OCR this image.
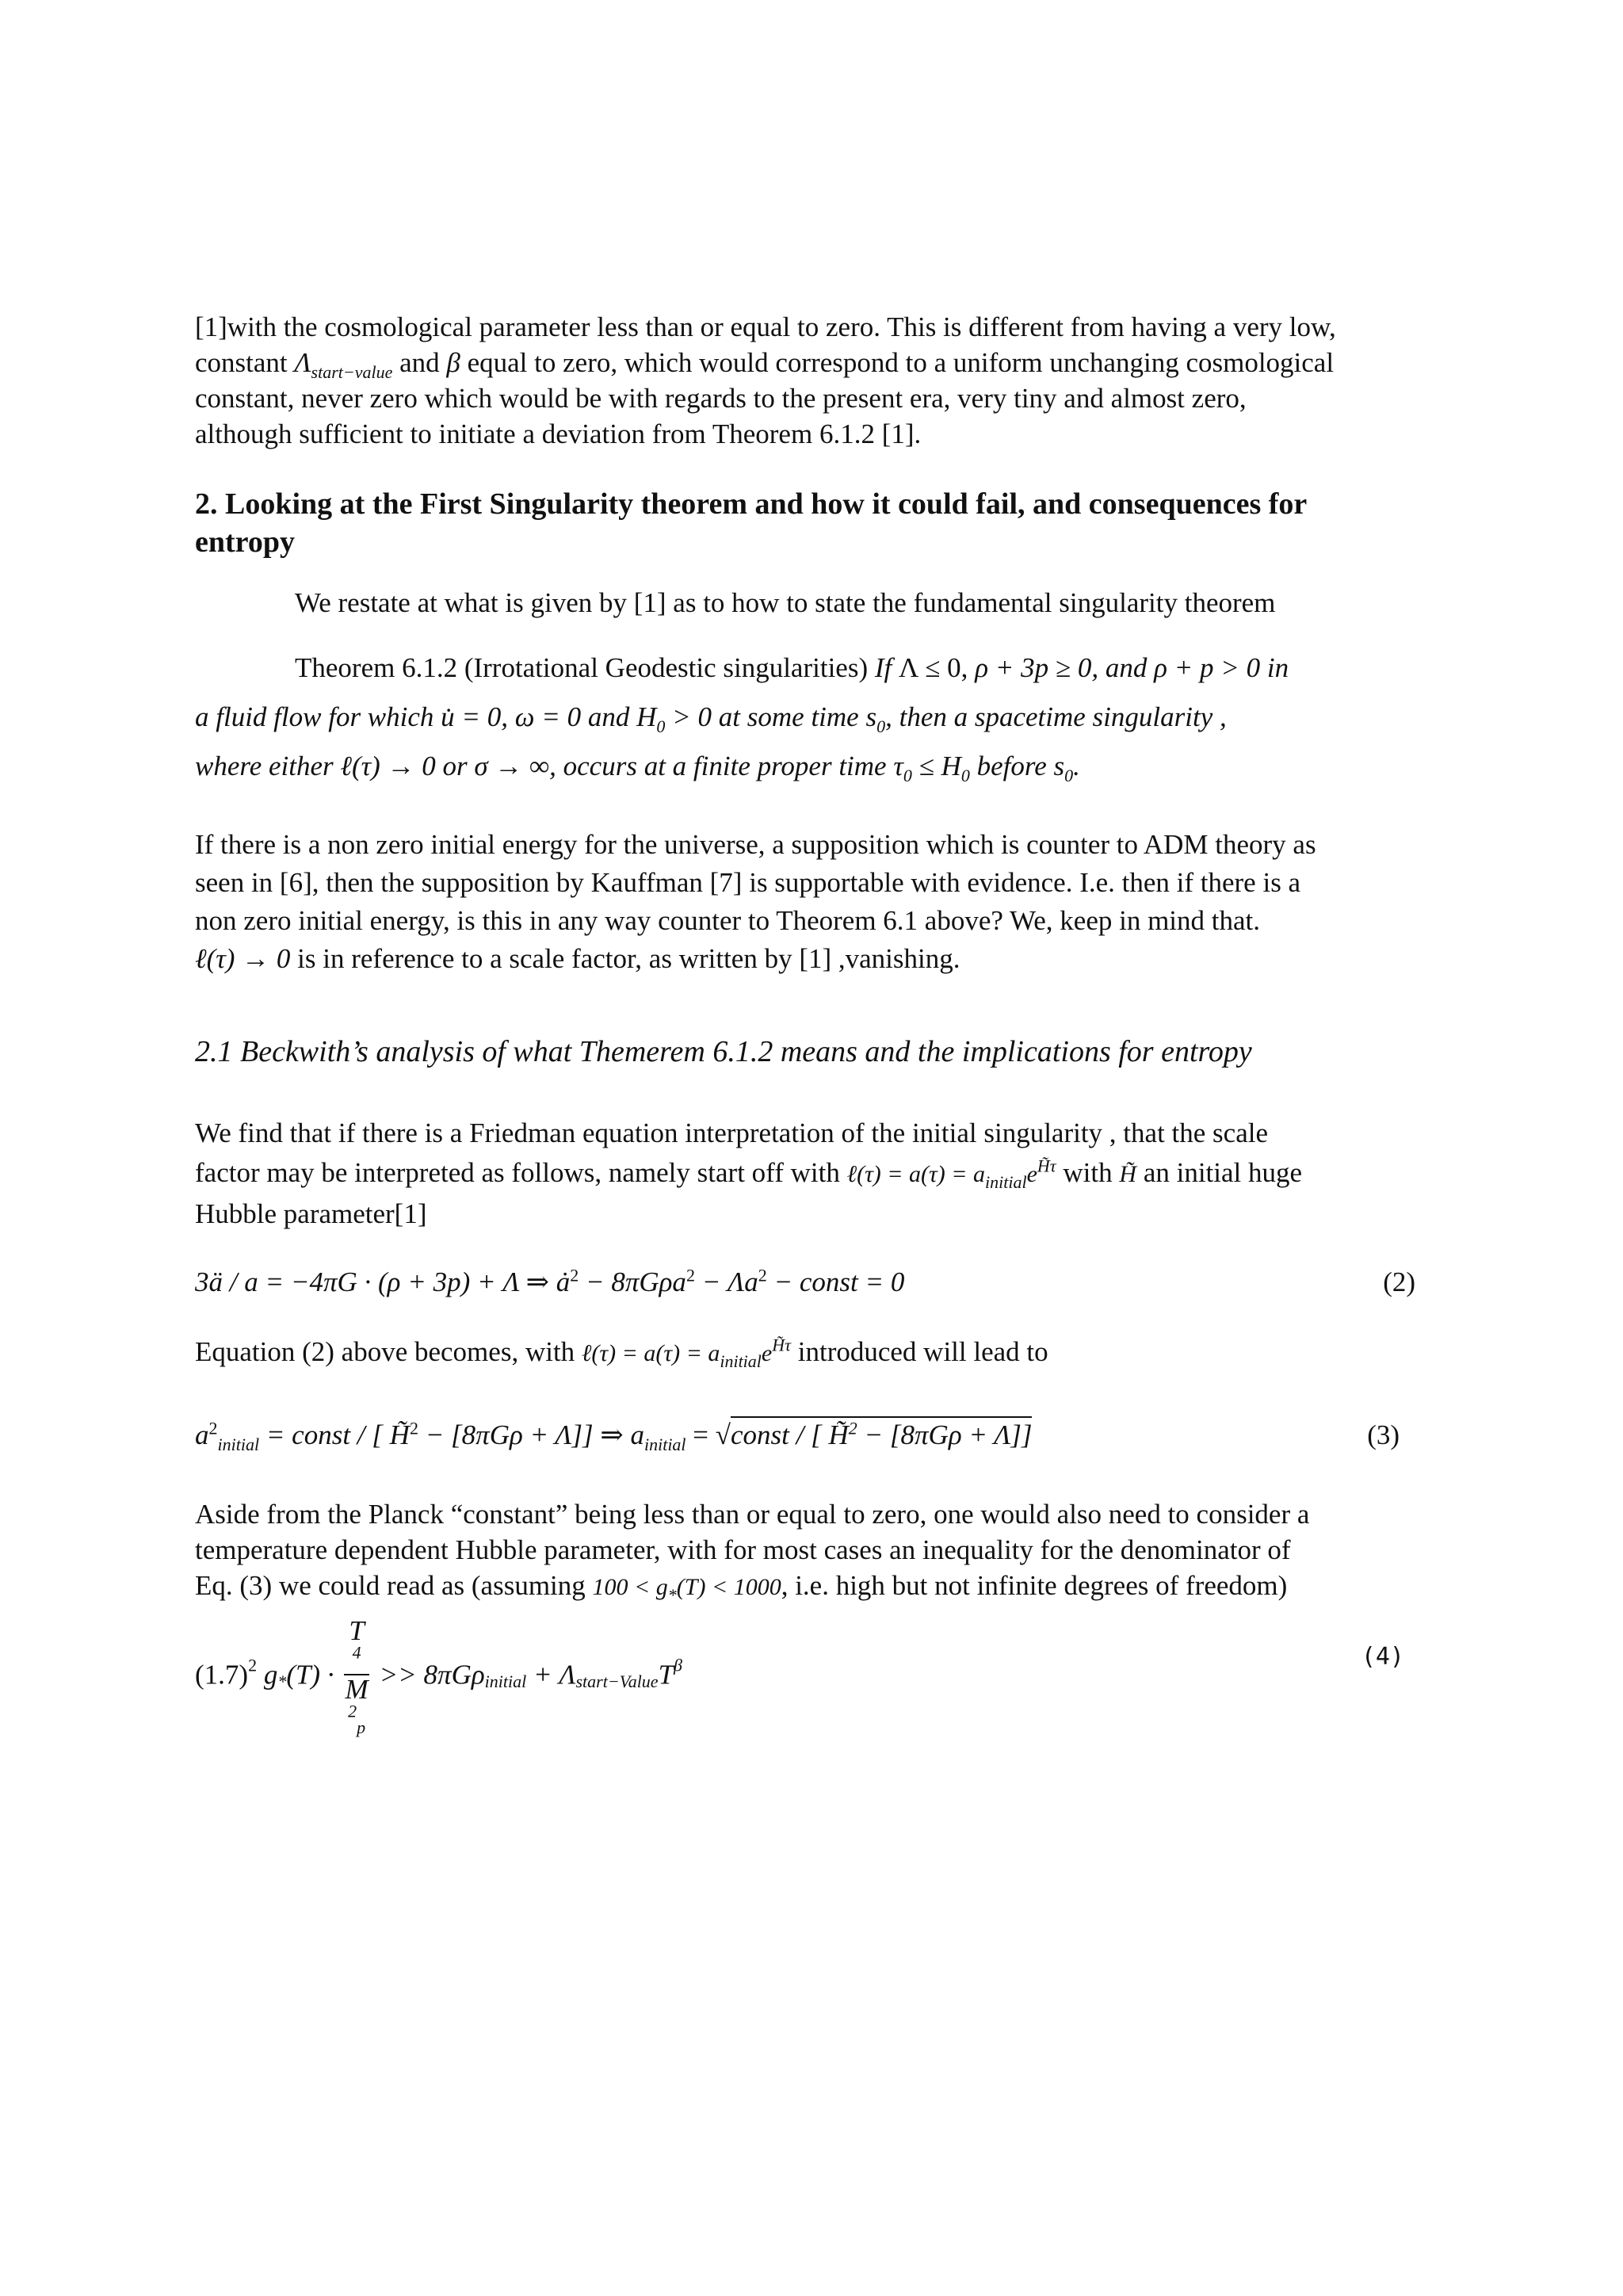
[1]with the cosmological parameter less than or equal to zero. This is different from having a very low,
constant $\Lambda_{start-value}$ and β equal to zero, which would correspond to a uniform unchanging cosmological
constant, never zero which would be with regards to the present era, very tiny and almost zero,
although sufficient to initiate a deviation from Theorem 6.1.2 [1].
2. Looking at the First Singularity theorem and how it could fail, and consequences for
entropy
We restate at what is given by [1] as to how to state the fundamental singularity theorem
Theorem 6.1.2 (Irrotational Geodestic singularities) If Λ ≤ 0, ρ + 3p ≥ 0, and ρ + p > 0 in
a fluid flow for which u̇ = 0, ω = 0 and $H_0 > 0$ at some time $s_0$, then a spacetime singularity ,
where either ℓ(τ) → 0 or σ → ∞, occurs at a finite proper time $\tau_0 \le H_0$ before $s_0$.
If there is a non zero initial energy for the universe, a supposition which is counter to ADM theory as
seen in [6], then the supposition by Kauffman [7] is supportable with evidence. I.e. then if there is a
non zero initial energy, is this in any way counter to Theorem 6.1 above? We, keep in mind that.
ℓ(τ) → 0 is in reference to a scale factor, as written by [1] ,vanishing.
2.1 Beckwith’s analysis of what Themerem 6.1.2 means and the implications for entropy
We find that if there is a Friedman equation interpretation of the initial singularity , that the scale
factor may be interpreted as follows, namely start off with ℓ(τ) = $a(\tau) = a_{initial}e^{H̃\tau}$ with H̃ an initial huge
Hubble parameter[1]
3ä / a = −4πG · (ρ + 3p) + Λ ⇒ $ȧ^2 - 8\pi G\rho a^2 - \Lambda a^2$ − const = 0	(2)
Equation (2) above becomes, with ℓ(τ) = $a(\tau) = a_{initial}e^{H̃\tau}$ introduced will lead to
$a^2_{initial}$ = const / [ H̃$^2$ − [8πGρ + Λ]] ⇒ $a_{initial}$ = √const / [ H̃$^2$ − [8πGρ + Λ]]	(3)
Aside from the Planck “constant” being less than or equal to zero, one would also need to consider a
temperature dependent Hubble parameter, with for most cases an inequality for the denominator of
Eq. (3) we could read as (assuming $100 < g_*(T) < 1000$, i.e. high but not infinite degrees of freedom)
$(1.7)^2$ $g_*(T) \cdot T$
$^4$
M
$^2_p >> 8\pi G\rho_{initial} + \Lambda_{start-Value}T^\beta$	(4)
